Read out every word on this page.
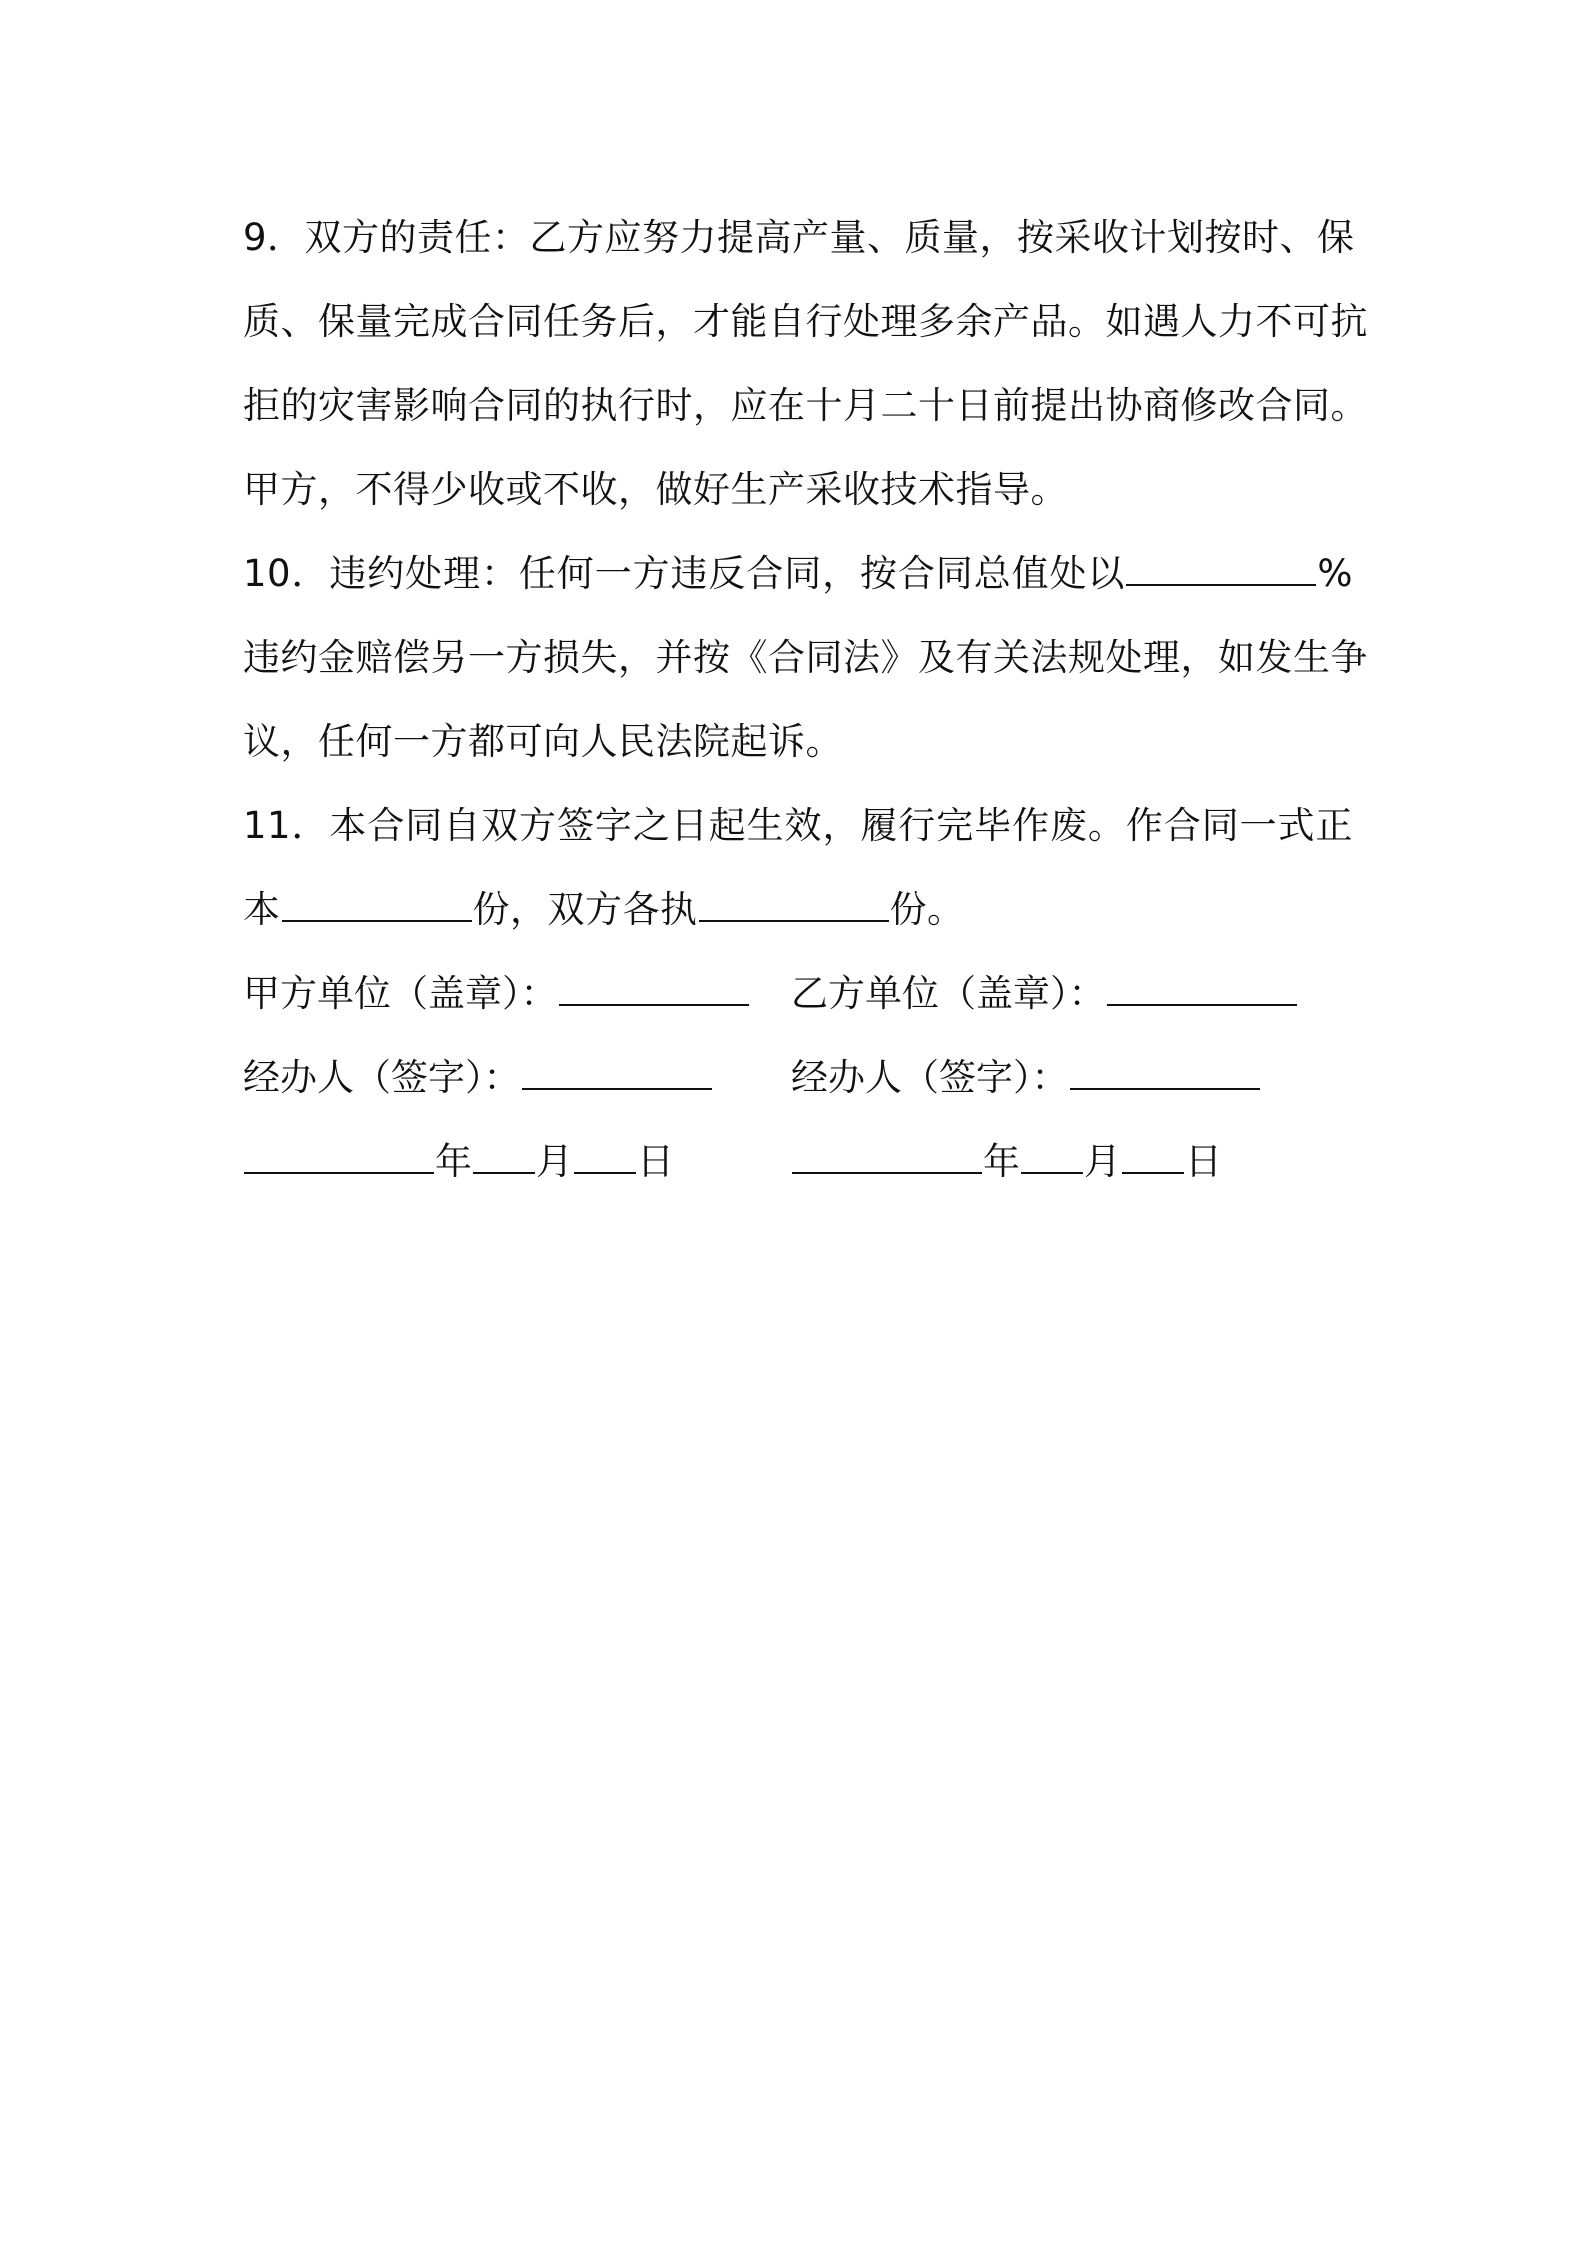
9．双方的责任：乙方应努力提高产量、质量，按采收计划按时、保
质、保量完成合同任务后，才能自行处理多余产品。如遇人力不可抗
拒的灾害影响合同的执行时，应在十月二十日前提出协商修改合同。
甲方，不得少收或不收，做好生产采收技术指导。
10．违约处理：任何一方违反合同，按合同总值处以	%
违约金赔偿另一方损失，并按《合同法》及有关法规处理，如发生争
议，任何一方都可向人民法院起诉。
11．本合同自双方签字之日起生效，履行完毕作废。作合同一式正
本	份，双方各执	份。
甲方单位（盖章）：	乙方单位（盖章）：
经办人（签字）：	经办人（签字）：
年 月 日	年 月 日
